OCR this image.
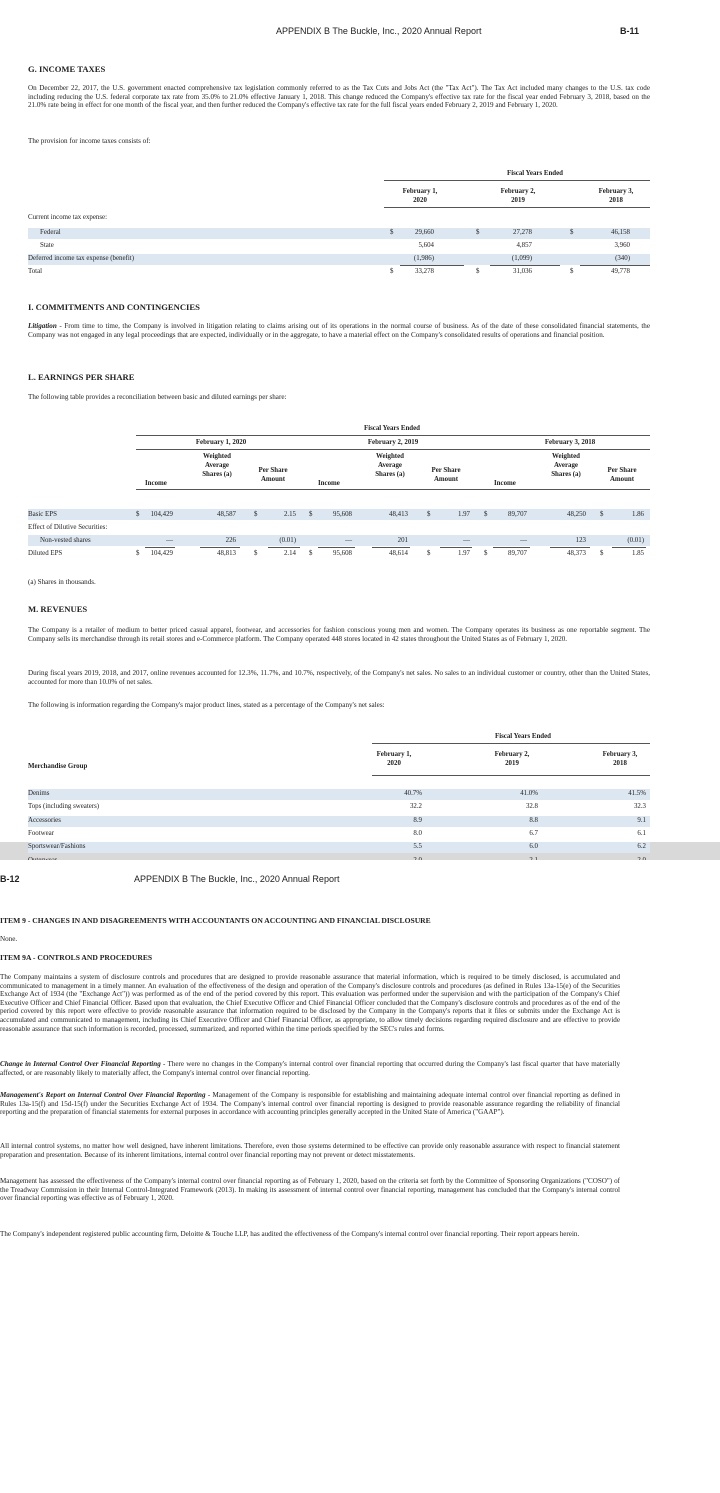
APPENDIX B The Buckle, Inc., 2020 Annual Report	B-11
G. INCOME TAXES
On December 22, 2017, the U.S. government enacted comprehensive tax legislation commonly referred to as the Tax Cuts and Jobs Act (the "Tax Act"). The Tax Act included many changes to the U.S. tax code including reducing the U.S. federal corporate tax rate from 35.0% to 21.0% effective January 1, 2018. This change reduced the Company's effective tax rate for the fiscal year ended February 3, 2018, based on the 21.0% rate being in effect for one month of the fiscal year, and then further reduced the Company's effective tax rate for the full fiscal years ended February 2, 2019 and February 1, 2020.
The provision for income taxes consists of:
Fiscal Years Ended
February 1,
2020
February 2,
2019
February 3,
2018
Current income tax expense:
Federal	$	29,660	$	27,278	$	46,158
State	5,604	4,857	3,960
Deferred income tax expense (benefit)	(1,986)	(1,099)	(340)
Total	$	33,278	$	31,036	$	49,778
I. COMMITMENTS AND CONTINGENCIES
Litigation - From time to time, the Company is involved in litigation relating to claims arising out of its operations in the normal course of business. As of the date of these consolidated financial statements, the Company was not engaged in any legal proceedings that are expected, individually or in the aggregate, to have a material effect on the Company's consolidated results of operations and financial position.
L. EARNINGS PER SHARE
The following table provides a reconciliation between basic and diluted earnings per share:
Fiscal Years Ended
February 1, 2020	February 2, 2019	February 3, 2018
Income
Weighted
Average
Shares (a)
Per Share
Amount
Income
Weighted
Average
Shares (a)
Per Share
Amount
Income
Weighted
Average
Shares (a)
Per Share
Amount
Basic EPS	$	104,429	48,587	$	2.15 $	95,608	48,413	$	1.97 $	89,707	48,250 $	1.86
Effect of Dilutive Securities:
Non-vested shares	—	226	(0.01)	—	201	—	—	123	(0.01)
Diluted EPS	$	104,429	48,813	$	2.14 $	95,608	48,614	$	1.97 $	89,707	48,373 $	1.85
(a) Shares in thousands.
M. REVENUES
The Company is a retailer of medium to better priced casual apparel, footwear, and accessories for fashion conscious young men and women. The Company operates its business as one reportable segment. The Company sells its merchandise through its retail stores and e-Commerce platform. The Company operated 448 stores located in 42 states throughout the United States as of February 1, 2020.
During fiscal years 2019, 2018, and 2017, online revenues accounted for 12.3%, 11.7%, and 10.7%, respectively, of the Company's net sales. No sales to an individual customer or country, other than the United States, accounted for more than 10.0% of net sales.
The following is information regarding the Company's major product lines, stated as a percentage of the Company's net sales:
Fiscal Years Ended
February 1,
2020
February 2,
2019
February 3,
2018
Merchandise Group
Denims	40.7%	41.0%	41.5%
Tops (including sweaters)	32.2	32.8	32.3
Accessories	8.9	8.8	9.1
Footwear	8.0	6.7	6.1
Sportswear/Fashions	5.5	6.0	6.2
B-12	APPENDIX B The Buckle, Inc., 2020 Annual Report
ITEM 9 - CHANGES IN AND DISAGREEMENTS WITH ACCOUNTANTS ON ACCOUNTING AND FINANCIAL DISCLOSURE
None.
ITEM 9A - CONTROLS AND PROCEDURES
The Company maintains a system of disclosure controls and procedures that are designed to provide reasonable assurance that material information, which is required to be timely disclosed, is accumulated and communicated to management in a timely manner. An evaluation of the effectiveness of the design and operation of the Company's disclosure controls and procedures (as defined in Rules 13a-15(e) of the Securities Exchange Act of 1934 (the "Exchange Act")) was performed as of the end of the period covered by this report. This evaluation was performed under the supervision and with the participation of the Company's Chief Executive Officer and Chief Financial Officer. Based upon that evaluation, the Chief Executive Officer and Chief Financial Officer concluded that the Company's disclosure controls and procedures as of the end of the period covered by this report were effective to provide reasonable assurance that information required to be disclosed by the Company in the Company's reports that it files or submits under the Exchange Act is accumulated and communicated to management, including its Chief Executive Officer and Chief Financial Officer, as appropriate, to allow timely decisions regarding required disclosure and are effective to provide reasonable assurance that such information is recorded, processed, summarized, and reported within the time periods specified by the SEC's rules and forms.
Change in Internal Control Over Financial Reporting - There were no changes in the Company's internal control over financial reporting that occurred during the Company's last fiscal quarter that have materially affected, or are reasonably likely to materially affect, the Company's internal control over financial reporting.
Management's Report on Internal Control Over Financial Reporting - Management of the Company is responsible for establishing and maintaining adequate internal control over financial reporting as defined in Rules 13a-15(f) and 15d-15(f) under the Securities Exchange Act of 1934. The Company's internal control over financial reporting is designed to provide reasonable assurance regarding the reliability of financial reporting and the preparation of financial statements for external purposes in accordance with accounting principles generally accepted in the United State of America ("GAAP").
All internal control systems, no matter how well designed, have inherent limitations. Therefore, even those systems determined to be effective can provide only reasonable assurance with respect to financial statement preparation and presentation. Because of its inherent limitations, internal control over financial reporting may not prevent or detect misstatements.
Management has assessed the effectiveness of the Company's internal control over financial reporting as of February 1, 2020, based on the criteria set forth by the Committee of Sponsoring Organizations ("COSO") of the Treadway Commission in their Internal Control-Integrated Framework (2013). In making its assessment of internal control over financial reporting, management has concluded that the Company's internal control over financial reporting was effective as of February 1, 2020.
The Company's independent registered public accounting firm, Deloitte & Touche LLP, has audited the effectiveness of the Company's internal control over financial reporting. Their report appears herein.
